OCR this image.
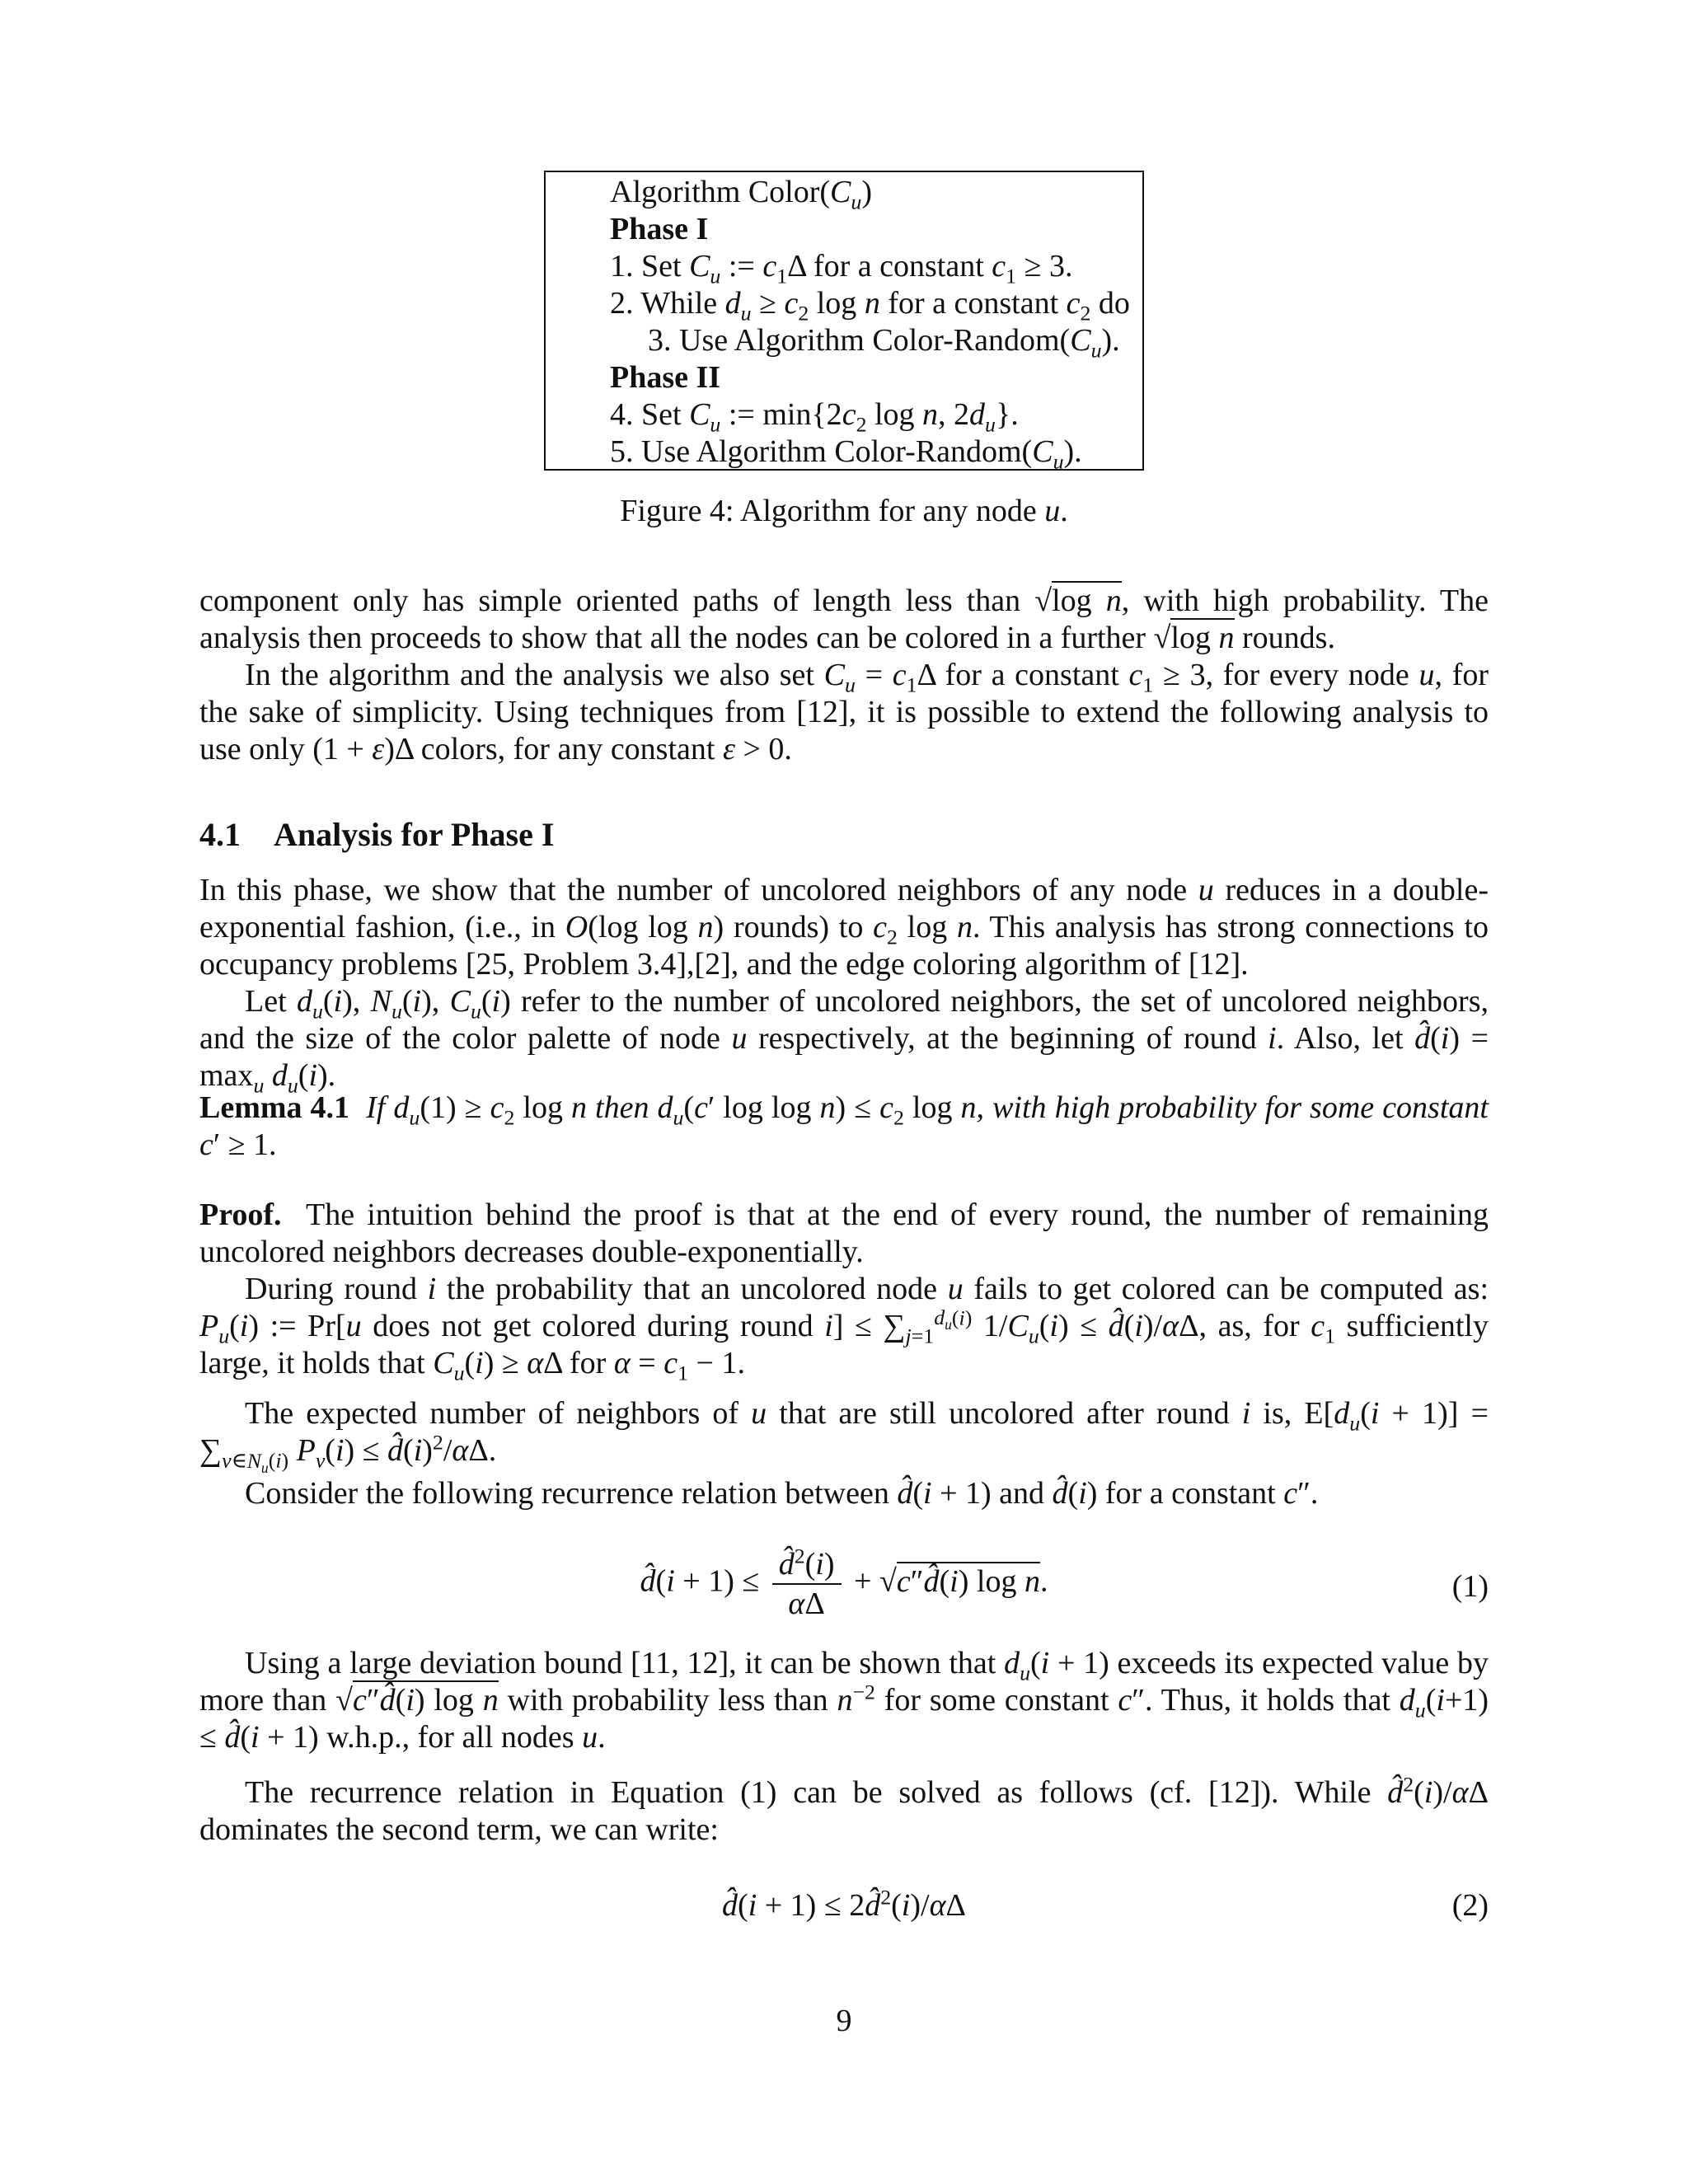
Algorithm $Color(C_u)$
Phase I
1. Set $C_u$ := $c_1\Delta$ for a constant $c_1 \ge 3$.
2. While $d_u \ge c_2$ log n for a constant $c_2$ do
3. Use Algorithm Color-$Random(C_u)$.
Phase II
4. Set $C_u$ := $\min\{2c_2$ log n, $2d_u$}.
5. Use Algorithm Color-$Random(C_u)$.
Figure 4: Algorithm for any node u.
component only has simple oriented paths of length less than √log n, with high probability. The analysis then proceeds to show that all the nodes can be colored in a further √log n rounds.
In the algorithm and the analysis we also set $C_u = c_1\Delta$ for a constant $c_1 \ge 3$, for every node u, for the sake of simplicity. Using techniques from [12], it is possible to extend the following analysis to use only (1 + ε)Δ colors, for any constant ε > 0.
4.1 Analysis for Phase I
In this phase, we show that the number of uncolored neighbors of any node u reduces in a double-exponential fashion, (i.e., in O(log log n) rounds) to $c_2$ log n. This analysis has strong connections to occupancy problems [25, Problem 3.4],[2], and the edge coloring algorithm of [12].
Let $d_u(i)$, $N_u(i)$, $C_u(i)$ refer to the number of uncolored neighbors, the set of uncolored neighbors, and the size of the color palette of node u respectively, at the beginning of round i. Also, let d̂(i) = $\max_u d_u(i)$.
Lemma 4.1 If $d_u(1) \ge c_2$ log n then $d_u(c'$ $\log \log n) \le c_2$ log n, with high probability for some constant c′ ≥ 1.
Proof.  The intuition behind the proof is that at the end of every round, the number of remaining uncolored neighbors decreases double-exponentially.
During round i the probability that an uncolored node u fails to get colored can be computed as: $P_u(i)$ := Pr[u does not get colored during round $i] \le \sum_{j=1}^{d_u(i)}$ $1/C_u(i)$ ≤ d̂(i)/αΔ, as, for $c_1$ sufficiently large, it holds that $C_u(i) \ge \alpha\Delta$ for $\alpha = c_1 - 1$.
The expected number of neighbors of u that are still uncolored after round i is, $E[d_u(i + 1)] = \sum_{v\in N_u(i)}$ $P_v(i)$ ≤ $d̂(i)^2/\alpha\Delta$.
Consider the following recurrence relation between d̂(i + 1) and d̂(i) for a constant c″.
d̂(i + $1) \le \frac{d̂^2(i)}{\alpha\Delta}$ + √c″d̂(i) log n.	(1)
Using a large deviation bound [11, 12], it can be shown that $d_u(i + 1)$ exceeds its expected value by more than √c″d̂(i) log n with probability less than $n^{-2}$ for some constant c″. Thus, it holds that $d_u(i+1)$ ≤ d̂(i + 1) w.h.p., for all nodes u.
The recurrence relation in Equation (1) can be solved as follows (cf. [12]). While d̂$^2$(i)/αΔ dominates the second term, we can write:
d̂(i + 1) ≤ 2d̂$^2$(i)/αΔ	(2)
9
